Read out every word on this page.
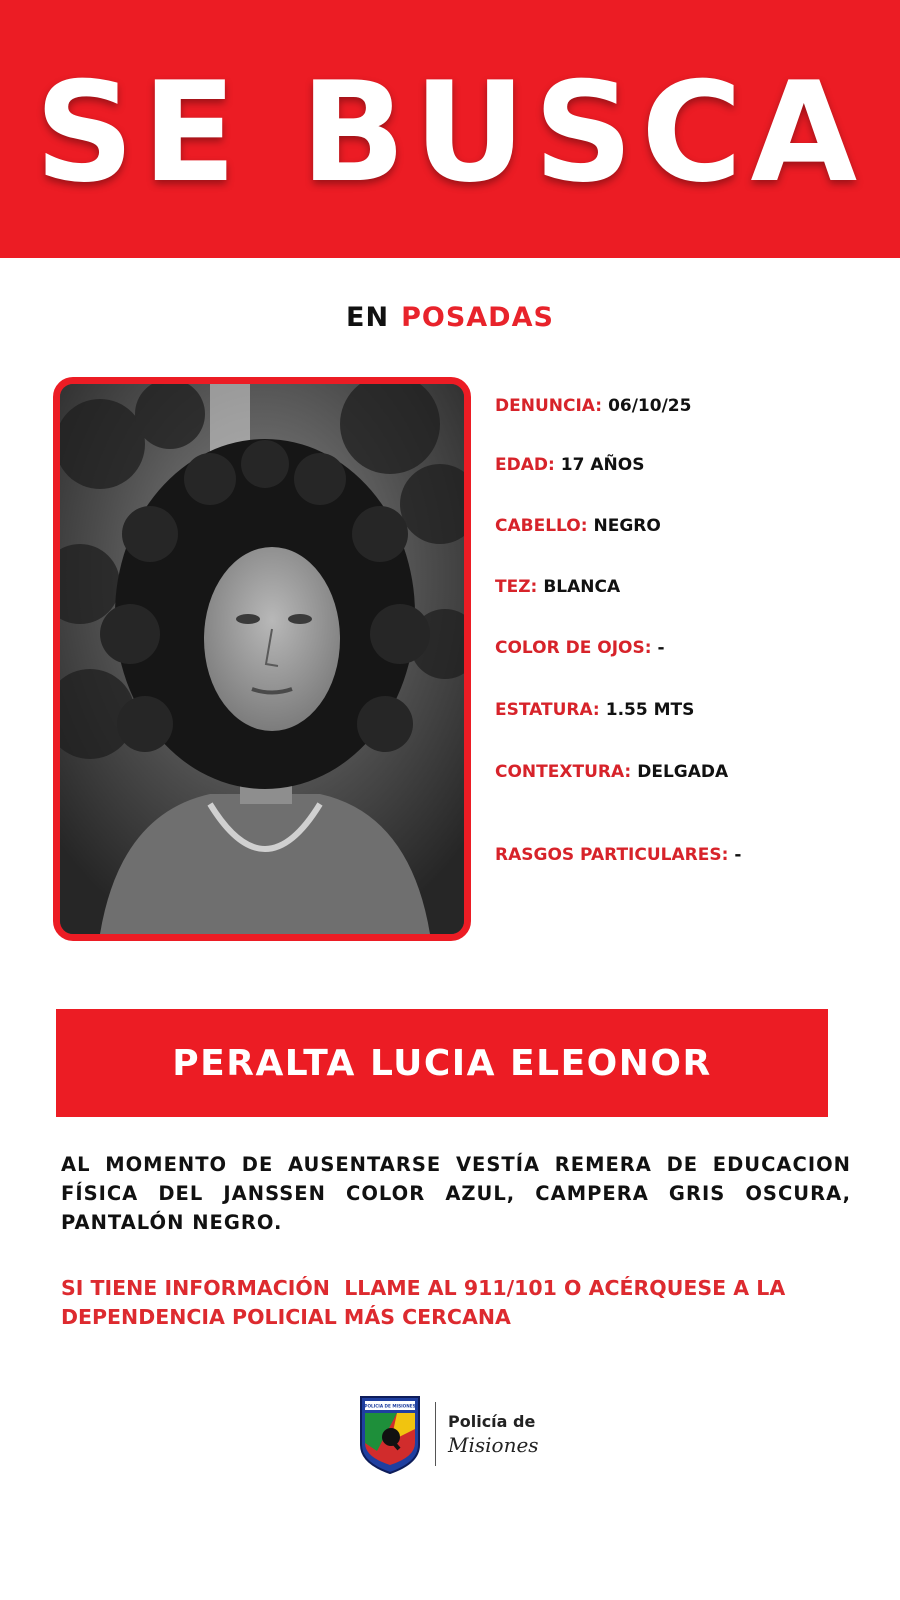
SE BUSCA
EN POSADAS
DENUNCIA: 06/10/25
EDAD: 17 AÑOS
CABELLO: NEGRO
TEZ: BLANCA
COLOR DE OJOS: -
ESTATURA: 1.55 MTS
CONTEXTURA: DELGADA
RASGOS PARTICULARES: -
PERALTA LUCIA ELEONOR
AL MOMENTO DE AUSENTARSE VESTÍA REMERA DE EDUCACION FÍSICA DEL JANSSEN COLOR AZUL, CAMPERA GRIS OSCURA, PANTALÓN NEGRO.
SI TIENE INFORMACIÓN  LLAME AL 911/101 O ACÉRQUESE A LA
DEPENDENCIA POLICIAL MÁS CERCANA
POLICIA DE MISIONES
Policía de
Misiones
